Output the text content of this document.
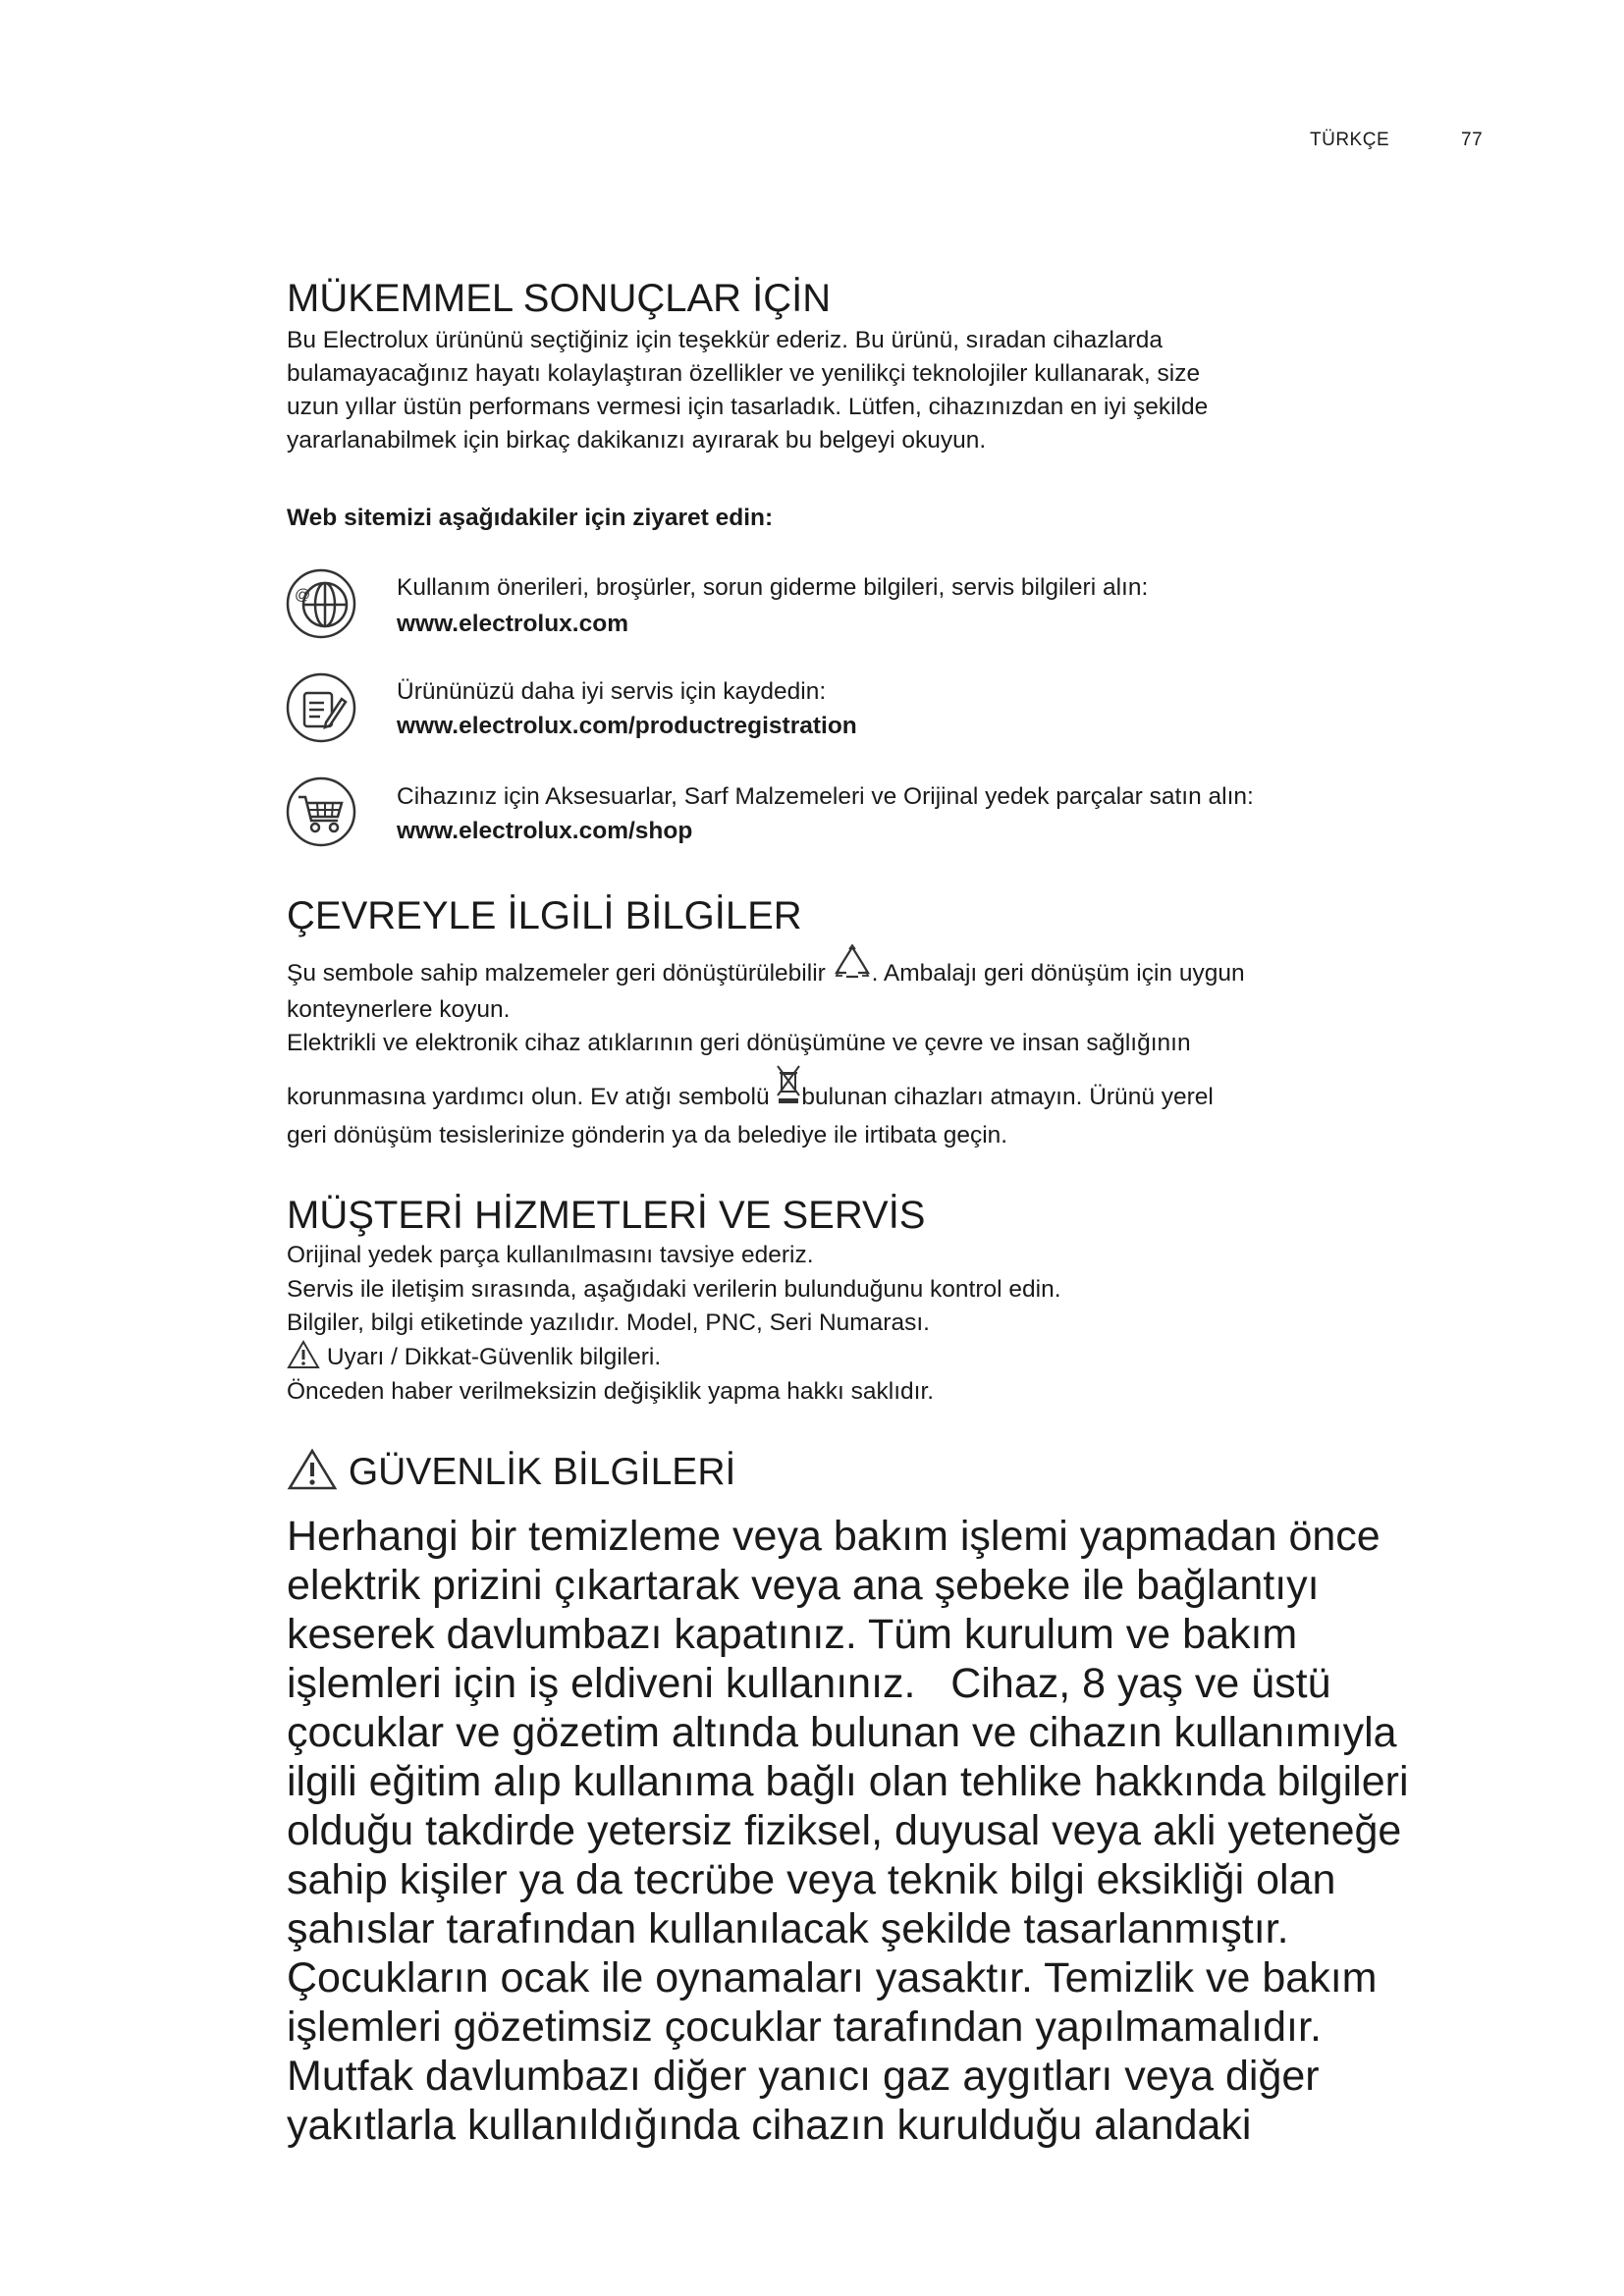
TÜRKÇE	77
MÜKEMMEL SONUÇLAR İÇİN
Bu Electrolux ürününü seçtiğiniz için teşekkür ederiz. Bu ürünü, sıradan cihazlarda
bulamayacağınız hayatı kolaylaştıran özellikler ve yenilikçi teknolojiler kullanarak, size
uzun yıllar üstün performans vermesi için tasarladık. Lütfen, cihazınızdan en iyi şekilde
yararlanabilmek için birkaç dakikanızı ayırarak bu belgeyi okuyun.
Web sitemizi aşağıdakiler için ziyaret edin:
@	Kullanım önerileri, broşürler, sorun giderme bilgileri, servis bilgileri alın:
www.electrolux.com
Ürününüzü daha iyi servis için kaydedin:
www.electrolux.com/productregistration
Cihazınız için Aksesuarlar, Sarf Malzemeleri ve Orijinal yedek parçalar satın alın:
www.electrolux.com/shop
ÇEVREYLE İLGİLİ BİLGİLER
Şu sembole sahip malzemeler geri dönüştürülebilir . Ambalajı geri dönüşüm için uygun
konteynerlere koyun.
Elektrikli ve elektronik cihaz atıklarının geri dönüşümüne ve çevre ve insan sağlığının
korunmasına yardımcı olun. Ev atığı sembolü bulunan cihazları atmayın. Ürünü yerel
geri dönüşüm tesislerinize gönderin ya da belediye ile irtibata geçin.
MÜŞTERİ HİZMETLERİ VE SERVİS
Orijinal yedek parça kullanılmasını tavsiye ederiz.
Servis ile iletişim sırasında, aşağıdaki verilerin bulunduğunu kontrol edin.
Bilgiler, bilgi etiketinde yazılıdır. Model, PNC, Seri Numarası.
Uyarı / Dikkat-Güvenlik bilgileri.
Önceden haber verilmeksizin değişiklik yapma hakkı saklıdır.
GÜVENLİK BİLGİLERİ
Herhangi bir temizleme veya bakım işlemi yapmadan önce
elektrik prizini çıkartarak veya ana şebeke ile bağlantıyı
keserek davlumbazı kapatınız. Tüm kurulum ve bakım
işlemleri için iş eldiveni kullanınız.   Cihaz, 8 yaş ve üstü
çocuklar ve gözetim altında bulunan ve cihazın kullanımıyla
ilgili eğitim alıp kullanıma bağlı olan tehlike hakkında bilgileri
olduğu takdirde yetersiz fiziksel, duyusal veya akli yeteneğe
sahip kişiler ya da tecrübe veya teknik bilgi eksikliği olan
şahıslar tarafından kullanılacak şekilde tasarlanmıştır.
Çocukların ocak ile oynamaları yasaktır. Temizlik ve bakım
işlemleri gözetimsiz çocuklar tarafından yapılmamalıdır.
Mutfak davlumbazı diğer yanıcı gaz aygıtları veya diğer
yakıtlarla kullanıldığında cihazın kurulduğu alandaki
